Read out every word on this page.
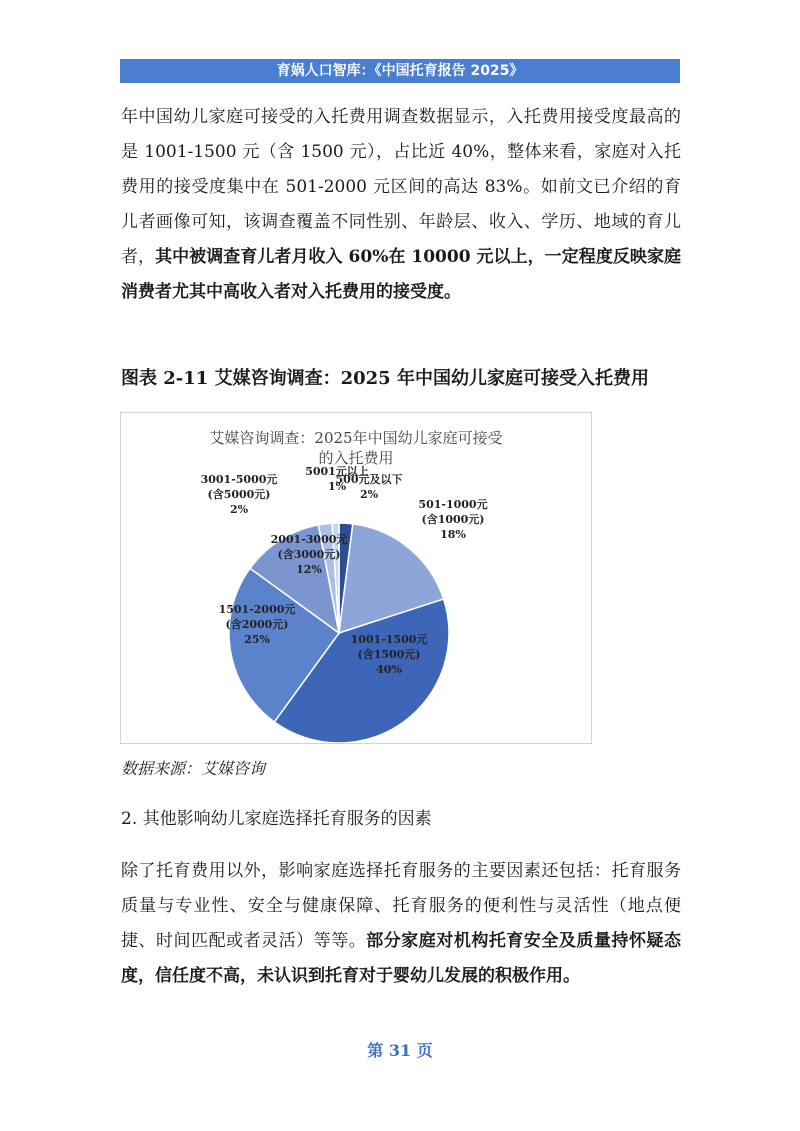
育娲人口智库：《中国托育报告 2025》

年中国幼儿家庭可接受的入托费用调查数据显示，入托费用接受度最高的是 1001-1500 元（含 1500 元），占比近 40%，整体来看，家庭对入托费用的接受度集中在 501-2000 元区间的高达 83%。如前文已介绍的育儿者画像可知，该调查覆盖不同性别、年龄层、收入、学历、地域的育儿者，其中被调查育儿者月收入 60%在 10000 元以上，一定程度反映家庭消费者尤其中高收入者对入托费用的接受度。

图表 2-11 艾媒咨询调查：2025 年中国幼儿家庭可接受入托费用

艾媒咨询调查：2025年中国幼儿家庭可接受
的入托费用
500元及以下
2%
501-1000元
(含1000元)
18%
1001-1500元
(含1500元)
40%
1501-2000元
(含2000元)
25%
2001-3000元
(含3000元)
12%
3001-5000元
(含5000元)
2%
5001元以上
1%
数据来源：艾媒咨询

2. 其他影响幼儿家庭选择托育服务的因素

除了托育费用以外，影响家庭选择托育服务的主要因素还包括：托育服务质量与专业性、安全与健康保障、托育服务的便利性与灵活性（地点便捷、时间匹配或者灵活）等等。部分家庭对机构托育安全及质量持怀疑态度，信任度不高，未认识到托育对于婴幼儿发展的积极作用。

第 31 页
